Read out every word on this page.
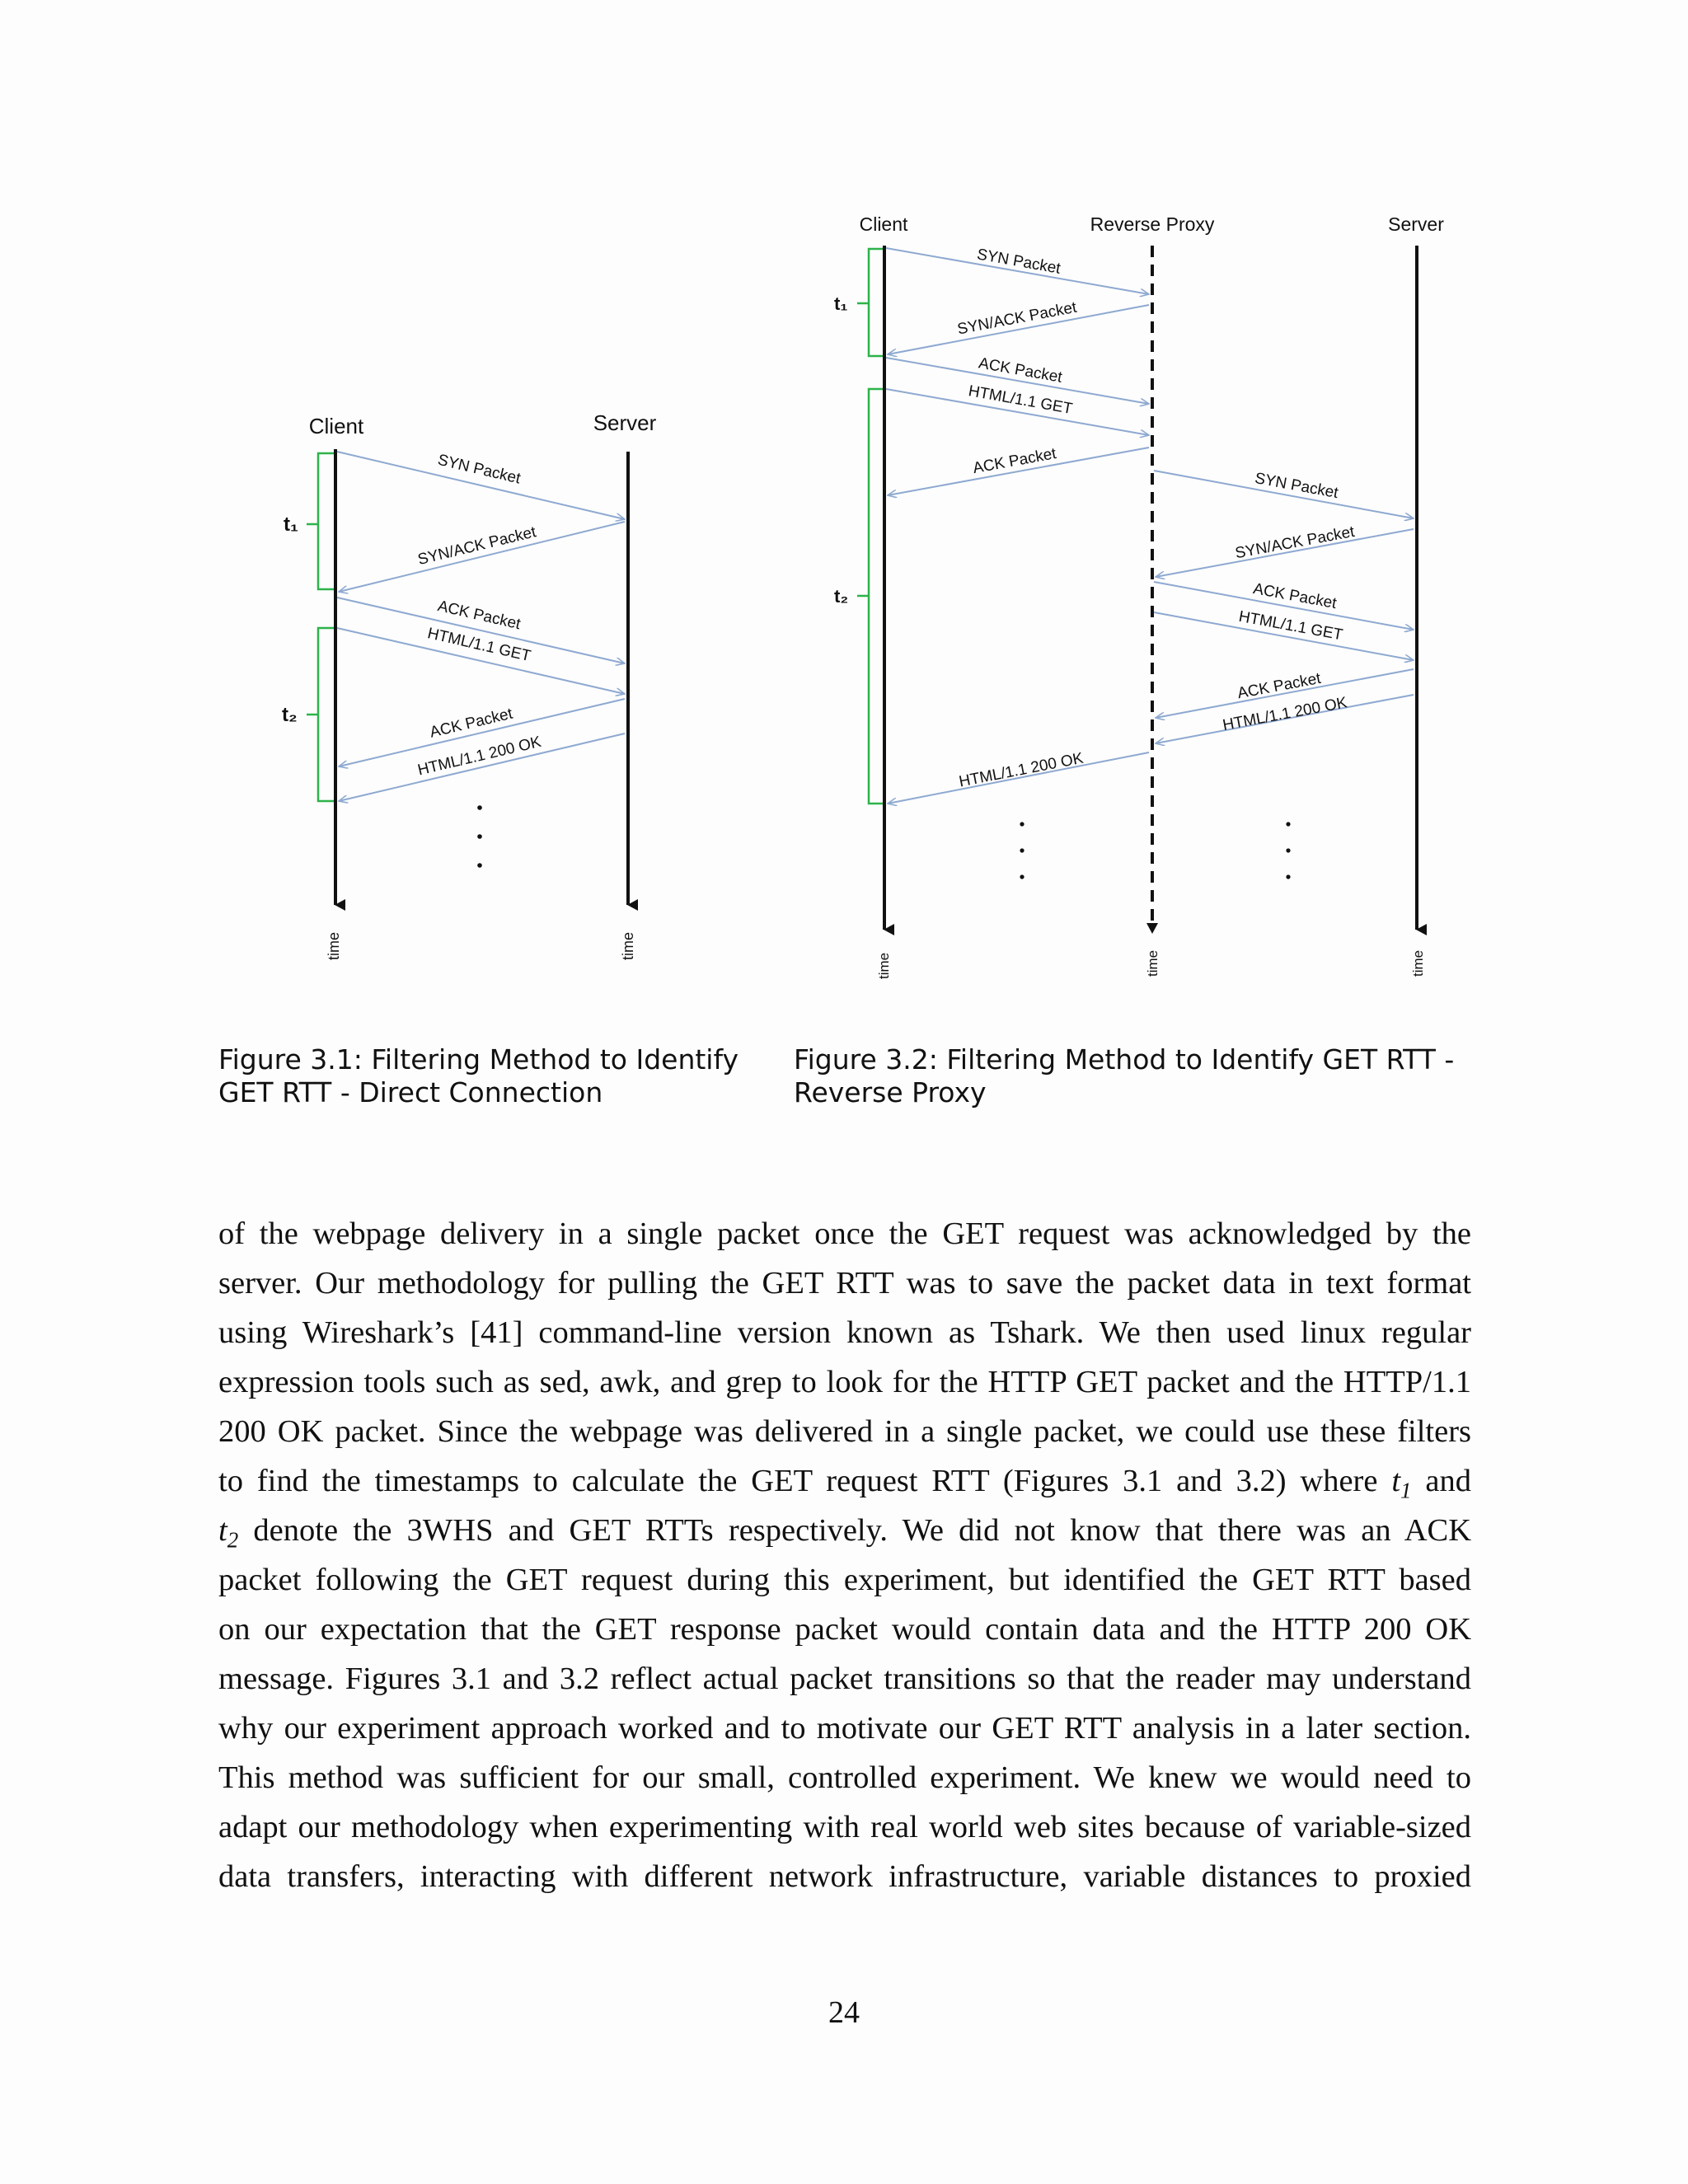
Client	Server
time	time
t₁
t₂
SYN Packet
SYN/ACK Packet
ACK Packet
HTML/1.1 GET
ACK Packet
HTML/1.1 200 OK
Client	Reverse Proxy	Server
time	time	time
t₁
t₂
SYN Packet
SYN/ACK Packet
ACK Packet
HTML/1.1 GET
ACK Packet
HTML/1.1 200 OK
SYN Packet
SYN/ACK Packet
ACK Packet
HTML/1.1 GET
ACK Packet
HTML/1.1 200 OK
Figure 3.1: Filtering Method to Identify
GET RTT - Direct Connection
Figure 3.2: Filtering Method to Identify GET RTT -
Reverse Proxy
of the webpage delivery in a single packet once the GET request was acknowledged by the
server. Our methodology for pulling the GET RTT was to save the packet data in text format
using Wireshark’s [41] command-line version known as Tshark. We then used linux regular
expression tools such as sed, awk, and grep to look for the HTTP GET packet and the HTTP/1.1
200 OK packet. Since the webpage was delivered in a single packet, we could use these filters
to find the timestamps to calculate the GET request RTT (Figures 3.1 and 3.2) where $t_1$ and
$t_2$ denote the 3WHS and GET RTTs respectively. We did not know that there was an ACK
packet following the GET request during this experiment, but identified the GET RTT based
on our expectation that the GET response packet would contain data and the HTTP 200 OK
message. Figures 3.1 and 3.2 reflect actual packet transitions so that the reader may understand
why our experiment approach worked and to motivate our GET RTT analysis in a later section.
This method was sufficient for our small, controlled experiment. We knew we would need to
adapt our methodology when experimenting with real world web sites because of variable-sized
data transfers, interacting with different network infrastructure, variable distances to proxied
24
